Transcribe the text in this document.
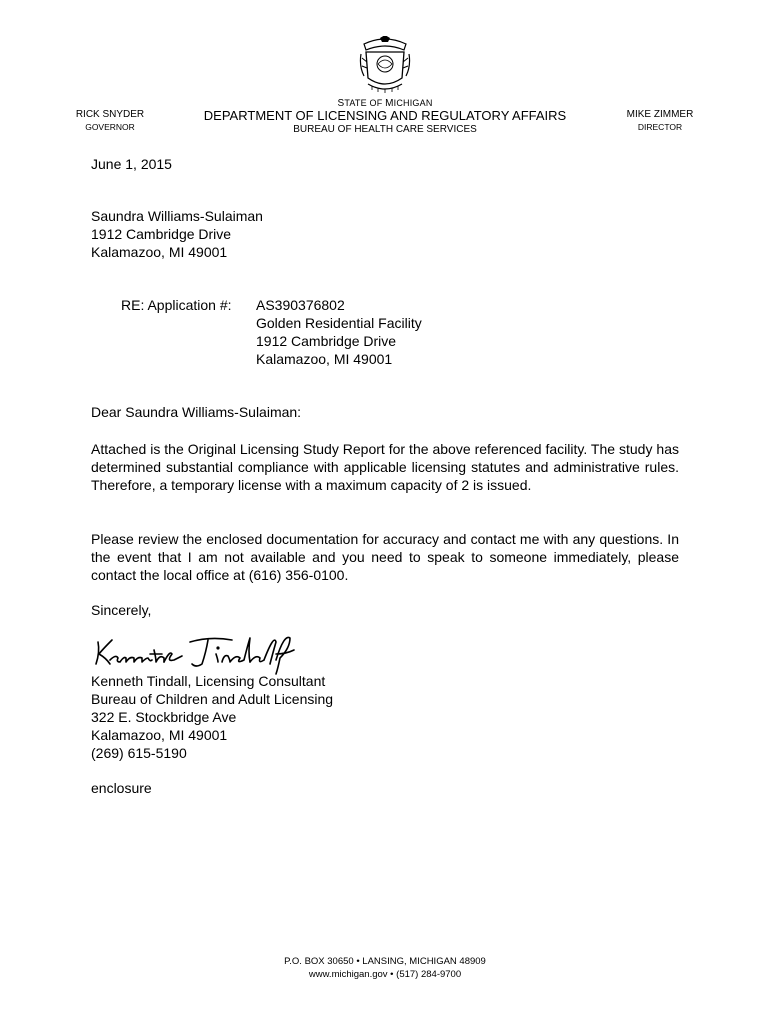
STATE OF MICHIGAN
DEPARTMENT OF LICENSING AND REGULATORY AFFAIRS
BUREAU OF HEALTH CARE SERVICES
RICK SNYDER
GOVERNOR
MIKE ZIMMER
DIRECTOR
June 1, 2015
Saundra Williams-Sulaiman
1912 Cambridge Drive
Kalamazoo, MI 49001
RE: Application #: AS390376802
Golden Residential Facility
1912 Cambridge Drive
Kalamazoo, MI 49001
Dear Saundra Williams-Sulaiman:
Attached is the Original Licensing Study Report for the above referenced facility. The study has determined substantial compliance with applicable licensing statutes and administrative rules. Therefore, a temporary license with a maximum capacity of 2 is issued.
Please review the enclosed documentation for accuracy and contact me with any questions. In the event that I am not available and you need to speak to someone immediately, please contact the local office at (616) 356-0100.
Sincerely,
Kenneth Tindall, Licensing Consultant
Bureau of Children and Adult Licensing
322 E. Stockbridge Ave
Kalamazoo, MI 49001
(269) 615-5190
enclosure
P.O. BOX 30650 • LANSING, MICHIGAN 48909
www.michigan.gov • (517) 284-9700
